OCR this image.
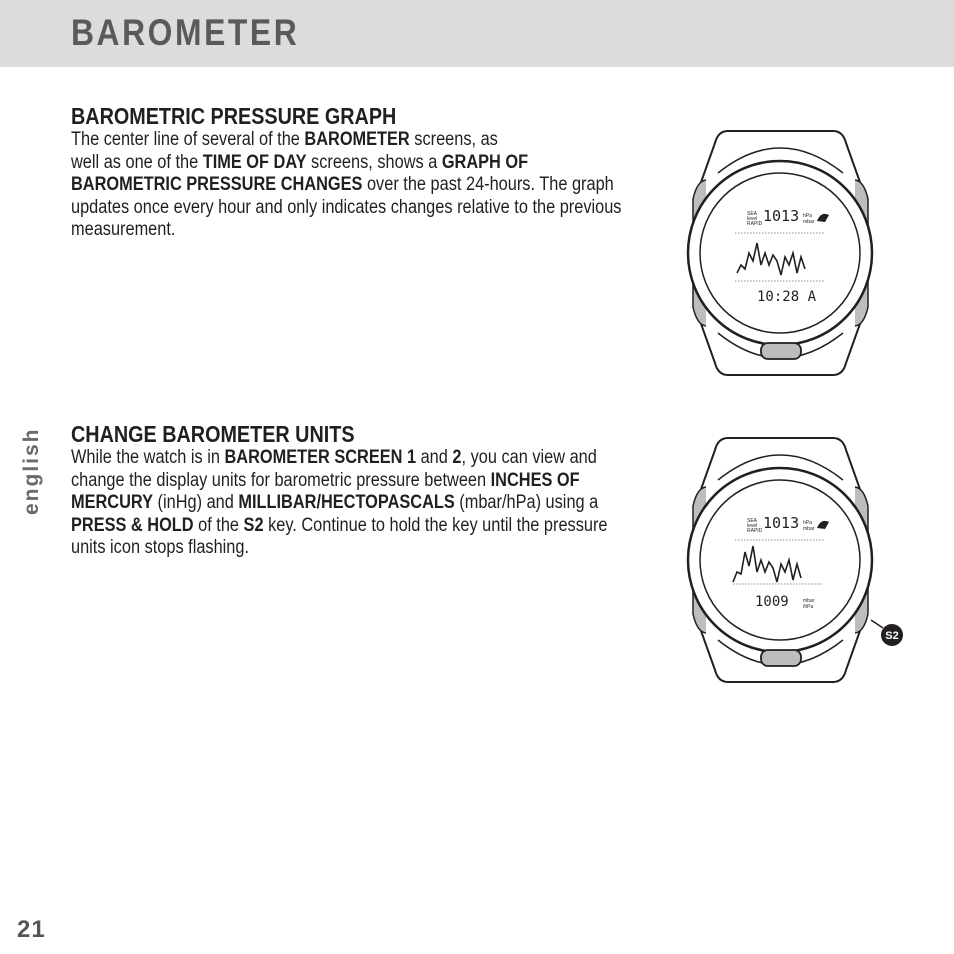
BAROMETER
BAROMETRIC PRESSURE GRAPH
The center line of several of the BAROMETER screens, as
well as one of the TIME OF DAY screens, shows a GRAPH OF BAROMETRIC PRESSURE CHANGES over the past 24-hours. The graph updates once every hour and only indicates changes relative to the previous measurement.
CHANGE BAROMETER UNITS
While the watch is in BAROMETER SCREEN 1 and 2, you can view and change the display units for barometric pressure between INCHES OF MERCURY (inHg) and MILLIBAR/HECTOPASCALS (mbar/hPa) using a PRESS & HOLD of the S2 key. Continue to hold the key until the pressure units icon stops flashing.
SEA
level
RAPID 1013 hPa
mbar
10:28 A
SEA
level
RAPID 1013 hPa
mbar
1009	mbar
/hPa
S2
english
21
